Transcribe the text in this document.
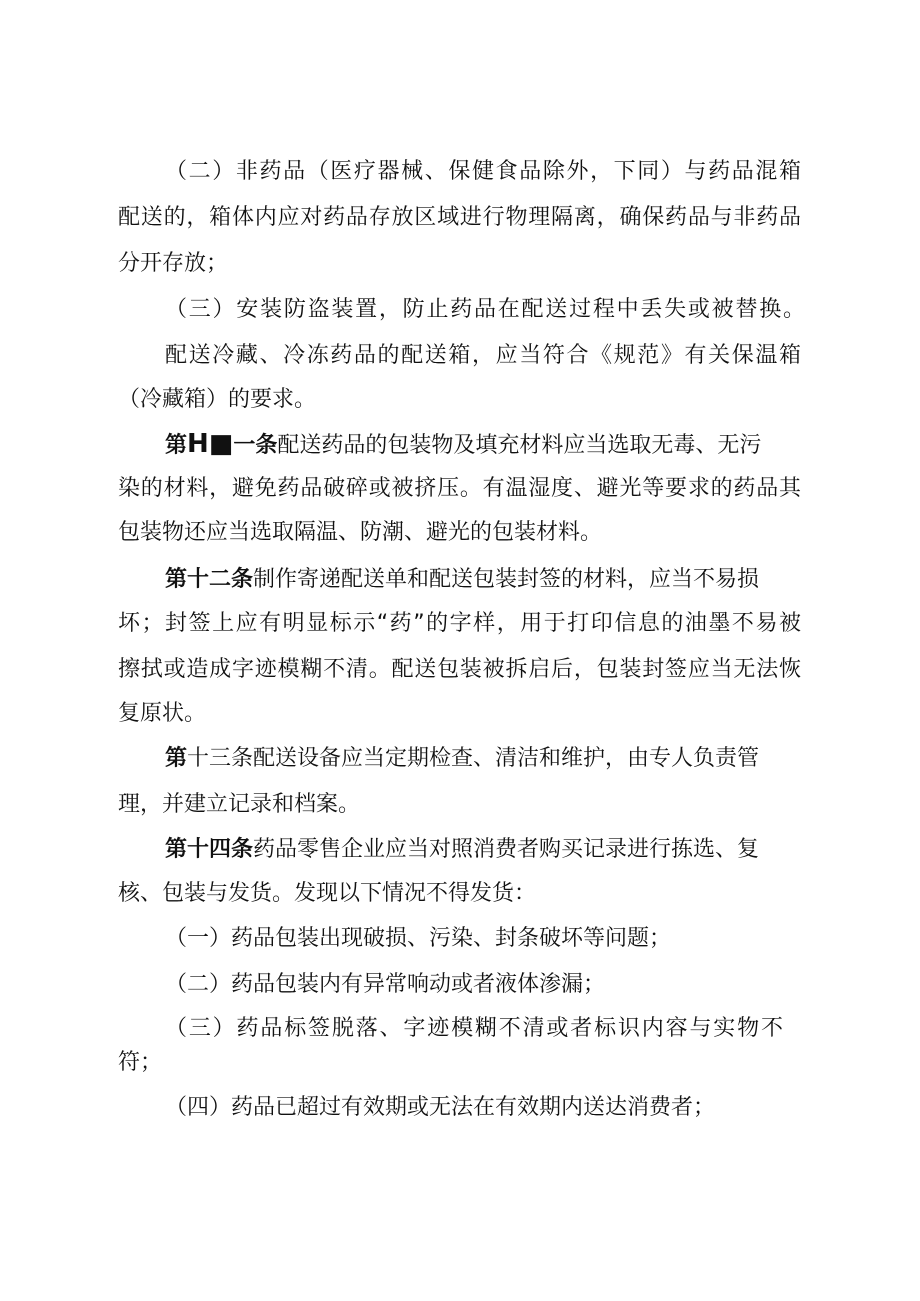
（二）非药品（医疗器械、保健食品除外，下同）与药品混箱
配送的，箱体内应对药品存放区域进行物理隔离，确保药品与非药品
分开存放；
（三）安装防盗装置，防止药品在配送过程中丢失或被替换。
配送冷藏、冷冻药品的配送箱，应当符合《规范》有关保温箱
（冷藏箱）的要求。
第H■一条配送药品的包装物及填充材料应当选取无毒、无污
染的材料，避免药品破碎或被挤压。有温湿度、避光等要求的药品其
包装物还应当选取隔温、防潮、避光的包装材料。
第十二条制作寄递配送单和配送包装封签的材料，应当不易损
坏；封签上应有明显标示“药”的字样，用于打印信息的油墨不易被
擦拭或造成字迹模糊不清。配送包装被拆启后，包装封签应当无法恢
复原状。
第十三条配送设备应当定期检查、清洁和维护，由专人负责管
理，并建立记录和档案。
第十四条药品零售企业应当对照消费者购买记录进行拣选、复
核、包装与发货。发现以下情况不得发货：
（一）药品包装出现破损、污染、封条破坏等问题；
（二）药品包装内有异常响动或者液体渗漏；
（三）药品标签脱落、字迹模糊不清或者标识内容与实物不
符；
（四）药品已超过有效期或无法在有效期内送达消费者；
